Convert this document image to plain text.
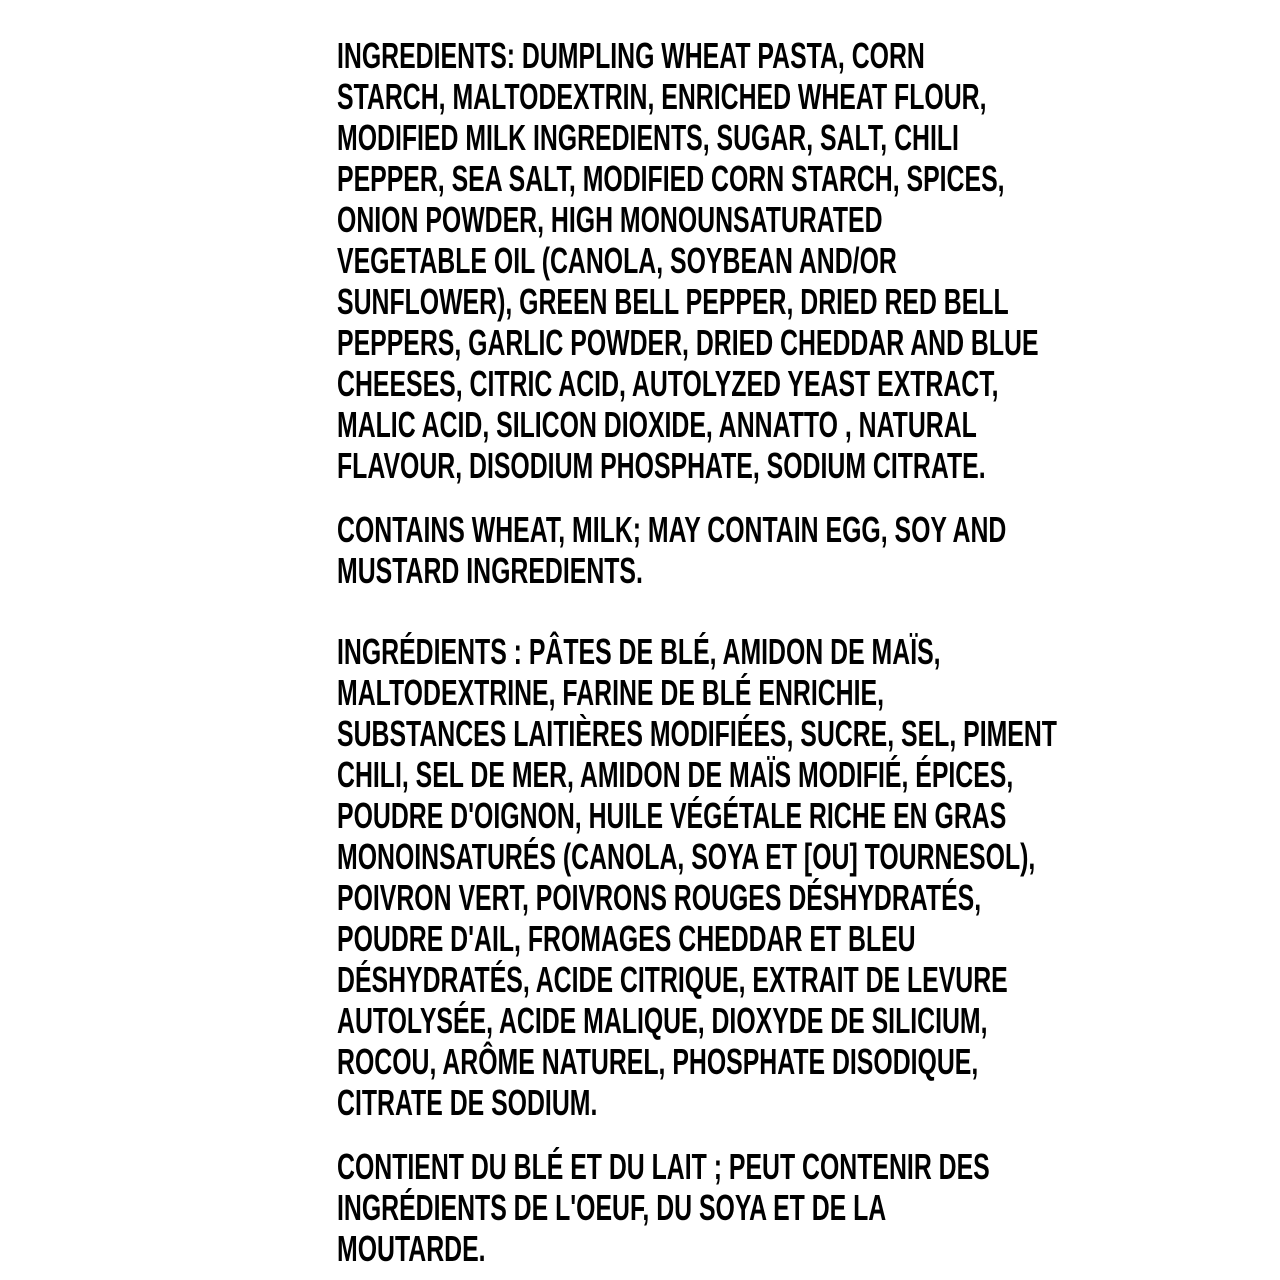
INGREDIENTS: DUMPLING WHEAT PASTA, CORN
STARCH, MALTODEXTRIN, ENRICHED WHEAT FLOUR,
MODIFIED MILK INGREDIENTS, SUGAR, SALT, CHILI
PEPPER, SEA SALT, MODIFIED CORN STARCH, SPICES,
ONION POWDER, HIGH MONOUNSATURATED
VEGETABLE OIL (CANOLA, SOYBEAN AND/OR
SUNFLOWER), GREEN BELL PEPPER, DRIED RED BELL
PEPPERS, GARLIC POWDER, DRIED CHEDDAR AND BLUE
CHEESES, CITRIC ACID, AUTOLYZED YEAST EXTRACT,
MALIC ACID, SILICON DIOXIDE, ANNATTO , NATURAL
FLAVOUR, DISODIUM PHOSPHATE, SODIUM CITRATE.
CONTAINS WHEAT, MILK; MAY CONTAIN EGG, SOY AND
MUSTARD INGREDIENTS.
INGRÉDIENTS : PÂTES DE BLÉ, AMIDON DE MAÏS,
MALTODEXTRINE, FARINE DE BLÉ ENRICHIE,
SUBSTANCES LAITIÈRES MODIFIÉES, SUCRE, SEL, PIMENT
CHILI, SEL DE MER, AMIDON DE MAÏS MODIFIÉ, ÉPICES,
POUDRE D'OIGNON, HUILE VÉGÉTALE RICHE EN GRAS
MONOINSATURÉS (CANOLA, SOYA ET [OU] TOURNESOL),
POIVRON VERT, POIVRONS ROUGES DÉSHYDRATÉS,
POUDRE D'AIL, FROMAGES CHEDDAR ET BLEU
DÉSHYDRATÉS, ACIDE CITRIQUE, EXTRAIT DE LEVURE
AUTOLYSÉE, ACIDE MALIQUE, DIOXYDE DE SILICIUM,
ROCOU, ARÔME NATUREL, PHOSPHATE DISODIQUE,
CITRATE DE SODIUM.
CONTIENT DU BLÉ ET DU LAIT ; PEUT CONTENIR DES
INGRÉDIENTS DE L'OEUF, DU SOYA ET DE LA
MOUTARDE.
